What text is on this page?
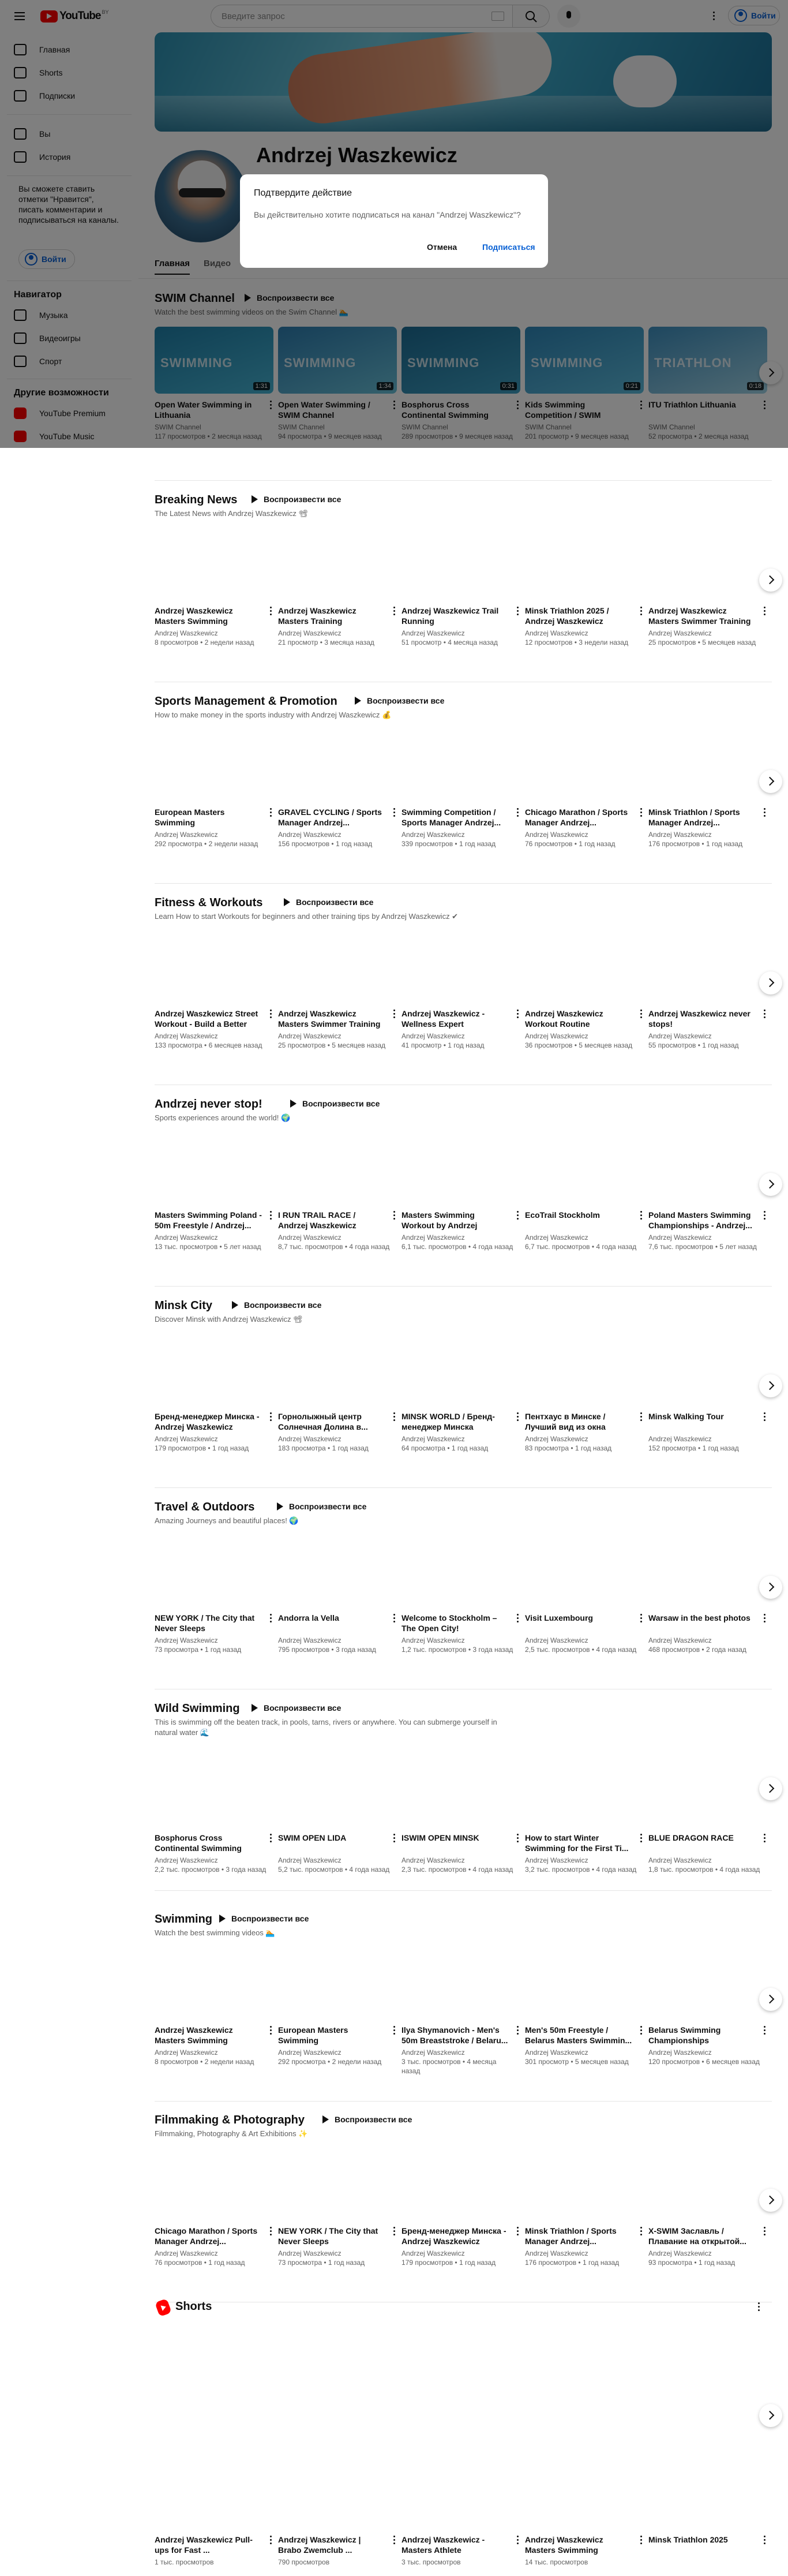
Breaking News	Воспроизвести все
The Latest News with Andrzej Waszkewicz 📽
Andrzej Waszkewicz Masters Swimming
Andrzej Waszkewicz
8 просмотров • 2 недели назад
Andrzej Waszkewicz Masters Training
Andrzej Waszkewicz
21 просмотр • 3 месяца назад
Andrzej Waszkewicz Trail Running
Andrzej Waszkewicz
51 просмотр • 4 месяца назад
Minsk Triathlon 2025 / Andrzej Waszkewicz
Andrzej Waszkewicz
12 просмотров • 3 недели назад
Andrzej Waszkewicz Masters Swimmer Training
Andrzej Waszkewicz
25 просмотров • 5 месяцев назад
Sports Management & Promotion	Воспроизвести все
How to make money in the sports industry with Andrzej Waszkewicz 💰
European Masters Swimming
Andrzej Waszkewicz
292 просмотра • 2 недели назад
GRAVEL CYCLING / Sports Manager Andrzej...
Andrzej Waszkewicz
156 просмотров • 1 год назад
Swimming Competition / Sports Manager Andrzej...
Andrzej Waszkewicz
339 просмотров • 1 год назад
Chicago Marathon / Sports Manager Andrzej...
Andrzej Waszkewicz
76 просмотров • 1 год назад
Minsk Triathlon / Sports Manager Andrzej...
Andrzej Waszkewicz
176 просмотров • 1 год назад
Fitness & Workouts	Воспроизвести все
Learn How to start Workouts for beginners and other training tips by Andrzej Waszkewicz ✔
Andrzej Waszkewicz Street Workout - Build a Better
Andrzej Waszkewicz
133 просмотра • 6 месяцев назад
Andrzej Waszkewicz Masters Swimmer Training
Andrzej Waszkewicz
25 просмотров • 5 месяцев назад
Andrzej Waszkewicz - Wellness Expert
Andrzej Waszkewicz
41 просмотр • 1 год назад
Andrzej Waszkewicz Workout Routine
Andrzej Waszkewicz
36 просмотров • 5 месяцев назад
Andrzej Waszkewicz never stops!
Andrzej Waszkewicz
55 просмотров • 1 год назад
Andrzej never stop!	Воспроизвести все
Sports experiences around the world! 🌍
Masters Swimming Poland - 50m Freestyle / Andrzej...
Andrzej Waszkewicz
13 тыс. просмотров • 5 лет назад
I RUN TRAIL RACE / Andrzej Waszkewicz
Andrzej Waszkewicz
8,7 тыс. просмотров • 4 года назад
Masters Swimming Workout by Andrzej
Andrzej Waszkewicz
6,1 тыс. просмотров • 4 года назад
EcoTrail Stockholm
Andrzej Waszkewicz
6,7 тыс. просмотров • 4 года назад
Poland Masters Swimming Championships - Andrzej...
Andrzej Waszkewicz
7,6 тыс. просмотров • 5 лет назад
Minsk City	Воспроизвести все
Discover Minsk with Andrzej Waszkewicz 📽
Бренд-менеджер Минска - Andrzej Waszkewicz
Andrzej Waszkewicz
179 просмотров • 1 год назад
Горнолыжный центр Солнечная Долина в...
Andrzej Waszkewicz
183 просмотра • 1 год назад
MINSK WORLD / Бренд-менеджер Минска
Andrzej Waszkewicz
64 просмотра • 1 год назад
Пентхаус в Минске / Лучший вид из окна
Andrzej Waszkewicz
83 просмотра • 1 год назад
Minsk Walking Tour
Andrzej Waszkewicz
152 просмотра • 1 год назад
Travel & Outdoors	Воспроизвести все
Amazing Journeys and beautiful places! 🌍
NEW YORK / The City that Never Sleeps
Andrzej Waszkewicz
73 просмотра • 1 год назад
Andorra la Vella
Andrzej Waszkewicz
795 просмотров • 3 года назад
Welcome to Stockholm – The Open City!
Andrzej Waszkewicz
1,2 тыс. просмотров • 3 года назад
Visit Luxembourg
Andrzej Waszkewicz
2,5 тыс. просмотров • 4 года назад
Warsaw in the best photos
Andrzej Waszkewicz
468 просмотров • 2 года назад
Wild Swimming	Воспроизвести все
This is swimming off the beaten track, in pools, tarns, rivers or anywhere. You can submerge yourself in natural water 🌊
Bosphorus Cross Continental Swimming
Andrzej Waszkewicz
2,2 тыс. просмотров • 3 года назад
SWIM OPEN LIDA
Andrzej Waszkewicz
5,2 тыс. просмотров • 4 года назад
ISWIM OPEN MINSK
Andrzej Waszkewicz
2,3 тыс. просмотров • 4 года назад
How to start Winter Swimming for the First Ti...
Andrzej Waszkewicz
3,2 тыс. просмотров • 4 года назад
BLUE DRAGON RACE
Andrzej Waszkewicz
1,8 тыс. просмотров • 4 года назад
Swimming	Воспроизвести все
Watch the best swimming videos 🏊
Andrzej Waszkewicz Masters Swimming
Andrzej Waszkewicz
8 просмотров • 2 недели назад
European Masters Swimming
Andrzej Waszkewicz
292 просмотра • 2 недели назад
Ilya Shymanovich - Men's 50m Breaststroke / Belaru...
Andrzej Waszkewicz
3 тыс. просмотров • 4 месяца назад
Men's 50m Freestyle / Belarus Masters Swimmin...
Andrzej Waszkewicz
301 просмотр • 5 месяцев назад
Belarus Swimming Championships
Andrzej Waszkewicz
120 просмотров • 6 месяцев назад
Filmmaking & Photography	Воспроизвести все
Filmmaking, Photography & Art Exhibitions ✨
Chicago Marathon / Sports Manager Andrzej...
Andrzej Waszkewicz
76 просмотров • 1 год назад
NEW YORK / The City that Never Sleeps
Andrzej Waszkewicz
73 просмотра • 1 год назад
Бренд-менеджер Минска - Andrzej Waszkewicz
Andrzej Waszkewicz
179 просмотров • 1 год назад
Minsk Triathlon / Sports Manager Andrzej...
Andrzej Waszkewicz
176 просмотров • 1 год назад
X-SWIM Заславль / Плавание на открытой...
Andrzej Waszkewicz
93 просмотра • 1 год назад
Shorts
Andrzej Waszkewicz Pull-ups for Fast ...
1 тыс. просмотров
Andrzej Waszkewicz | Brabo Zwemclub ...
790 просмотров
Andrzej Waszkewicz - Masters Athlete
3 тыс. просмотров
Andrzej Waszkewicz Masters Swimming
14 тыс. просмотров
Minsk Triathlon 2025
Подтвердите действие
Вы действительно хотите подписаться на канал "Andrzej Waszkewicz"?
Отмена	Подписаться
